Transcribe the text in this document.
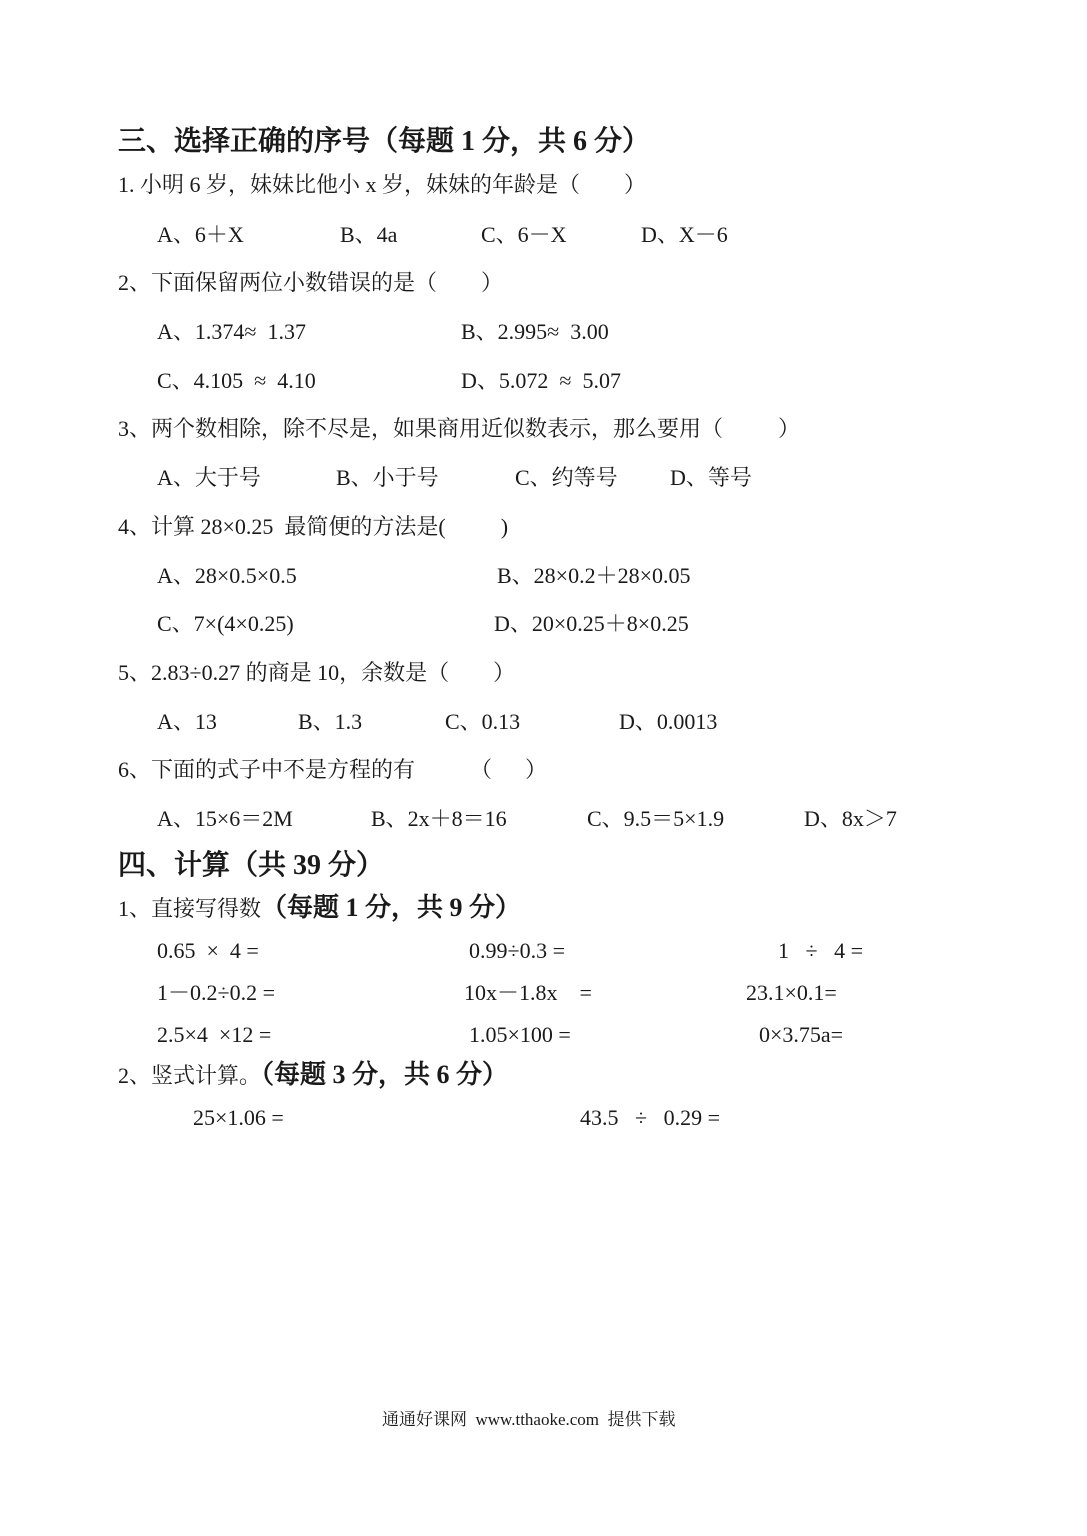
三、选择正确的序号（每题 1 分，共 6 分）
1. 小明 6 岁，妹妹比他小 x 岁，妹妹的年龄是（        ）
A、6＋X	B、4a	C、6－X	D、X－6
2、下面保留两位小数错误的是（        ）
A、1.374≈  1.37	B、2.995≈  3.00
C、4.105  ≈  4.10	D、5.072  ≈  5.07
3、两个数相除，除不尽是，如果商用近似数表示，那么要用（          ）
A、大于号	B、小于号	C、约等号 D、等号
4、计算 28×0.25  最简便的方法是(          )
A、28×0.5×0.5	B、28×0.2＋28×0.05
C、7×(4×0.25)	D、20×0.25＋8×0.25
5、2.83÷0.27 的商是 10，余数是（        ）
A、13	B、1.3	C、0.13	D、0.0013
6、下面的式子中不是方程的有          （      ）
A、15×6＝2M	B、2x＋8＝16	C、9.5＝5×1.9	D、8x＞7
四、计算（共 39 分）
1、直接写得数（每题 1 分，共 9 分）
0.65  ×  4 =	0.99÷0.3 =	1   ÷   4 =
1－0.2÷0.2 =	10x－1.8x    =	23.1×0.1=
2.5×4  ×12 =	1.05×100 =	0×3.75a=
2、竖式计算。（每题 3 分，共 6 分）
25×1.06 =	43.5   ÷   0.29 =
通通好课网  www.tthaoke.com  提供下载
